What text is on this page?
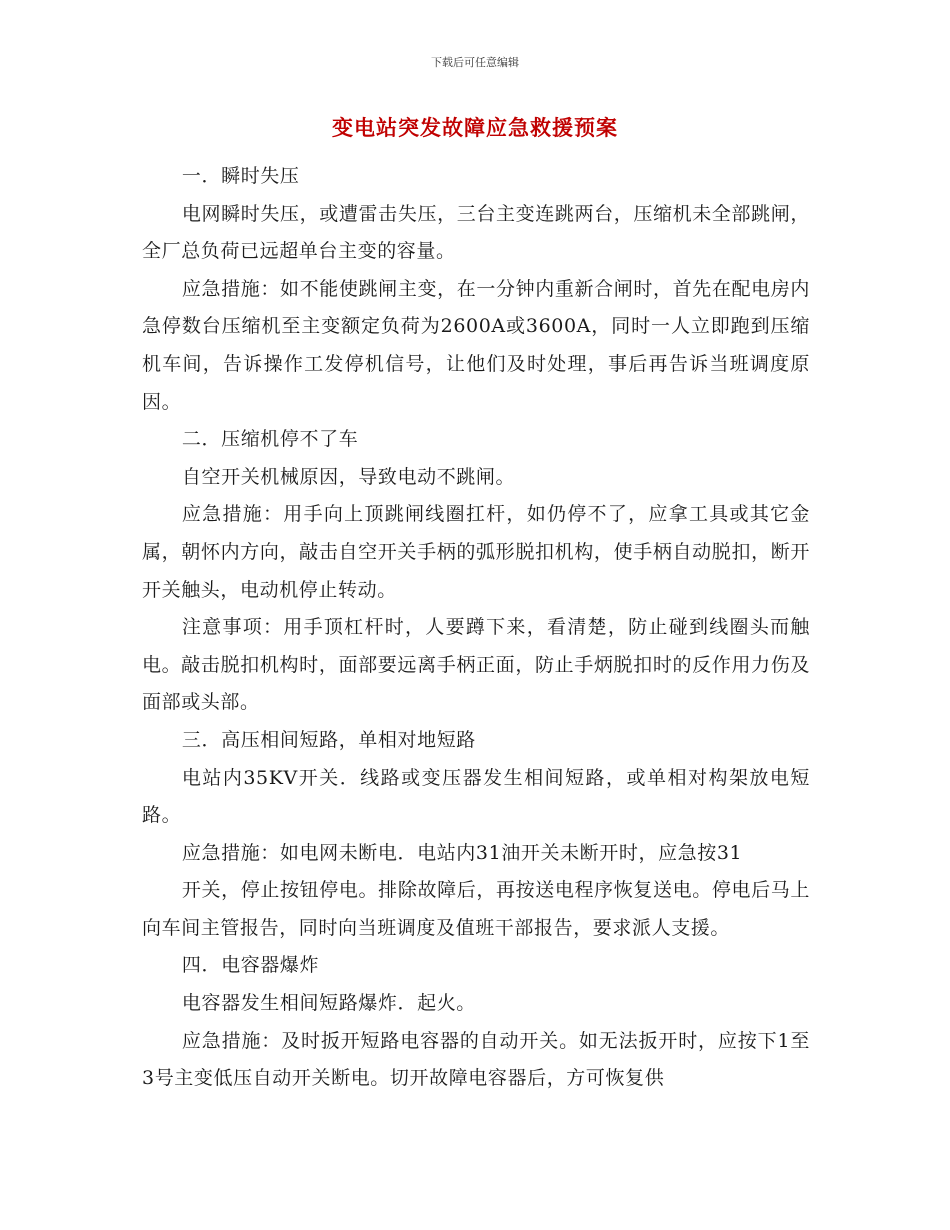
下载后可任意编辑
变电站突发故障应急救援预案

一．瞬时失压

电网瞬时失压，或遭雷击失压，三台主变连跳两台，压缩机未全部跳闸，全厂总负荷已远超单台主变的容量。

应急措施：如不能使跳闸主变，在一分钟内重新合闸时，首先在配电房内急停数台压缩机至主变额定负荷为2600A或3600A，同时一人立即跑到压缩机车间，告诉操作工发停机信号，让他们及时处理，事后再告诉当班调度原因。

二．压缩机停不了车

自空开关机械原因，导致电动不跳闸。

应急措施：用手向上顶跳闸线圈扛杆，如仍停不了，应拿工具或其它金属，朝怀内方向，敲击自空开关手柄的弧形脱扣机构，使手柄自动脱扣，断开开关触头，电动机停止转动。

注意事项：用手顶杠杆时，人要蹲下来，看清楚，防止碰到线圈头而触电。敲击脱扣机构时，面部要远离手柄正面，防止手炳脱扣时的反作用力伤及面部或头部。

三．高压相间短路，单相对地短路

电站内35KV开关．线路或变压器发生相间短路，或单相对构架放电短路。

应急措施：如电网未断电．电站内31油开关未断开时，应急按31

开关，停止按钮停电。排除故障后，再按送电程序恢复送电。停电后马上向车间主管报告，同时向当班调度及值班干部报告，要求派人支援。

四．电容器爆炸

电容器发生相间短路爆炸．起火。

应急措施：及时扳开短路电容器的自动开关。如无法扳开时，应按下1至3号主变低压自动开关断电。切开故障电容器后，方可恢复供
